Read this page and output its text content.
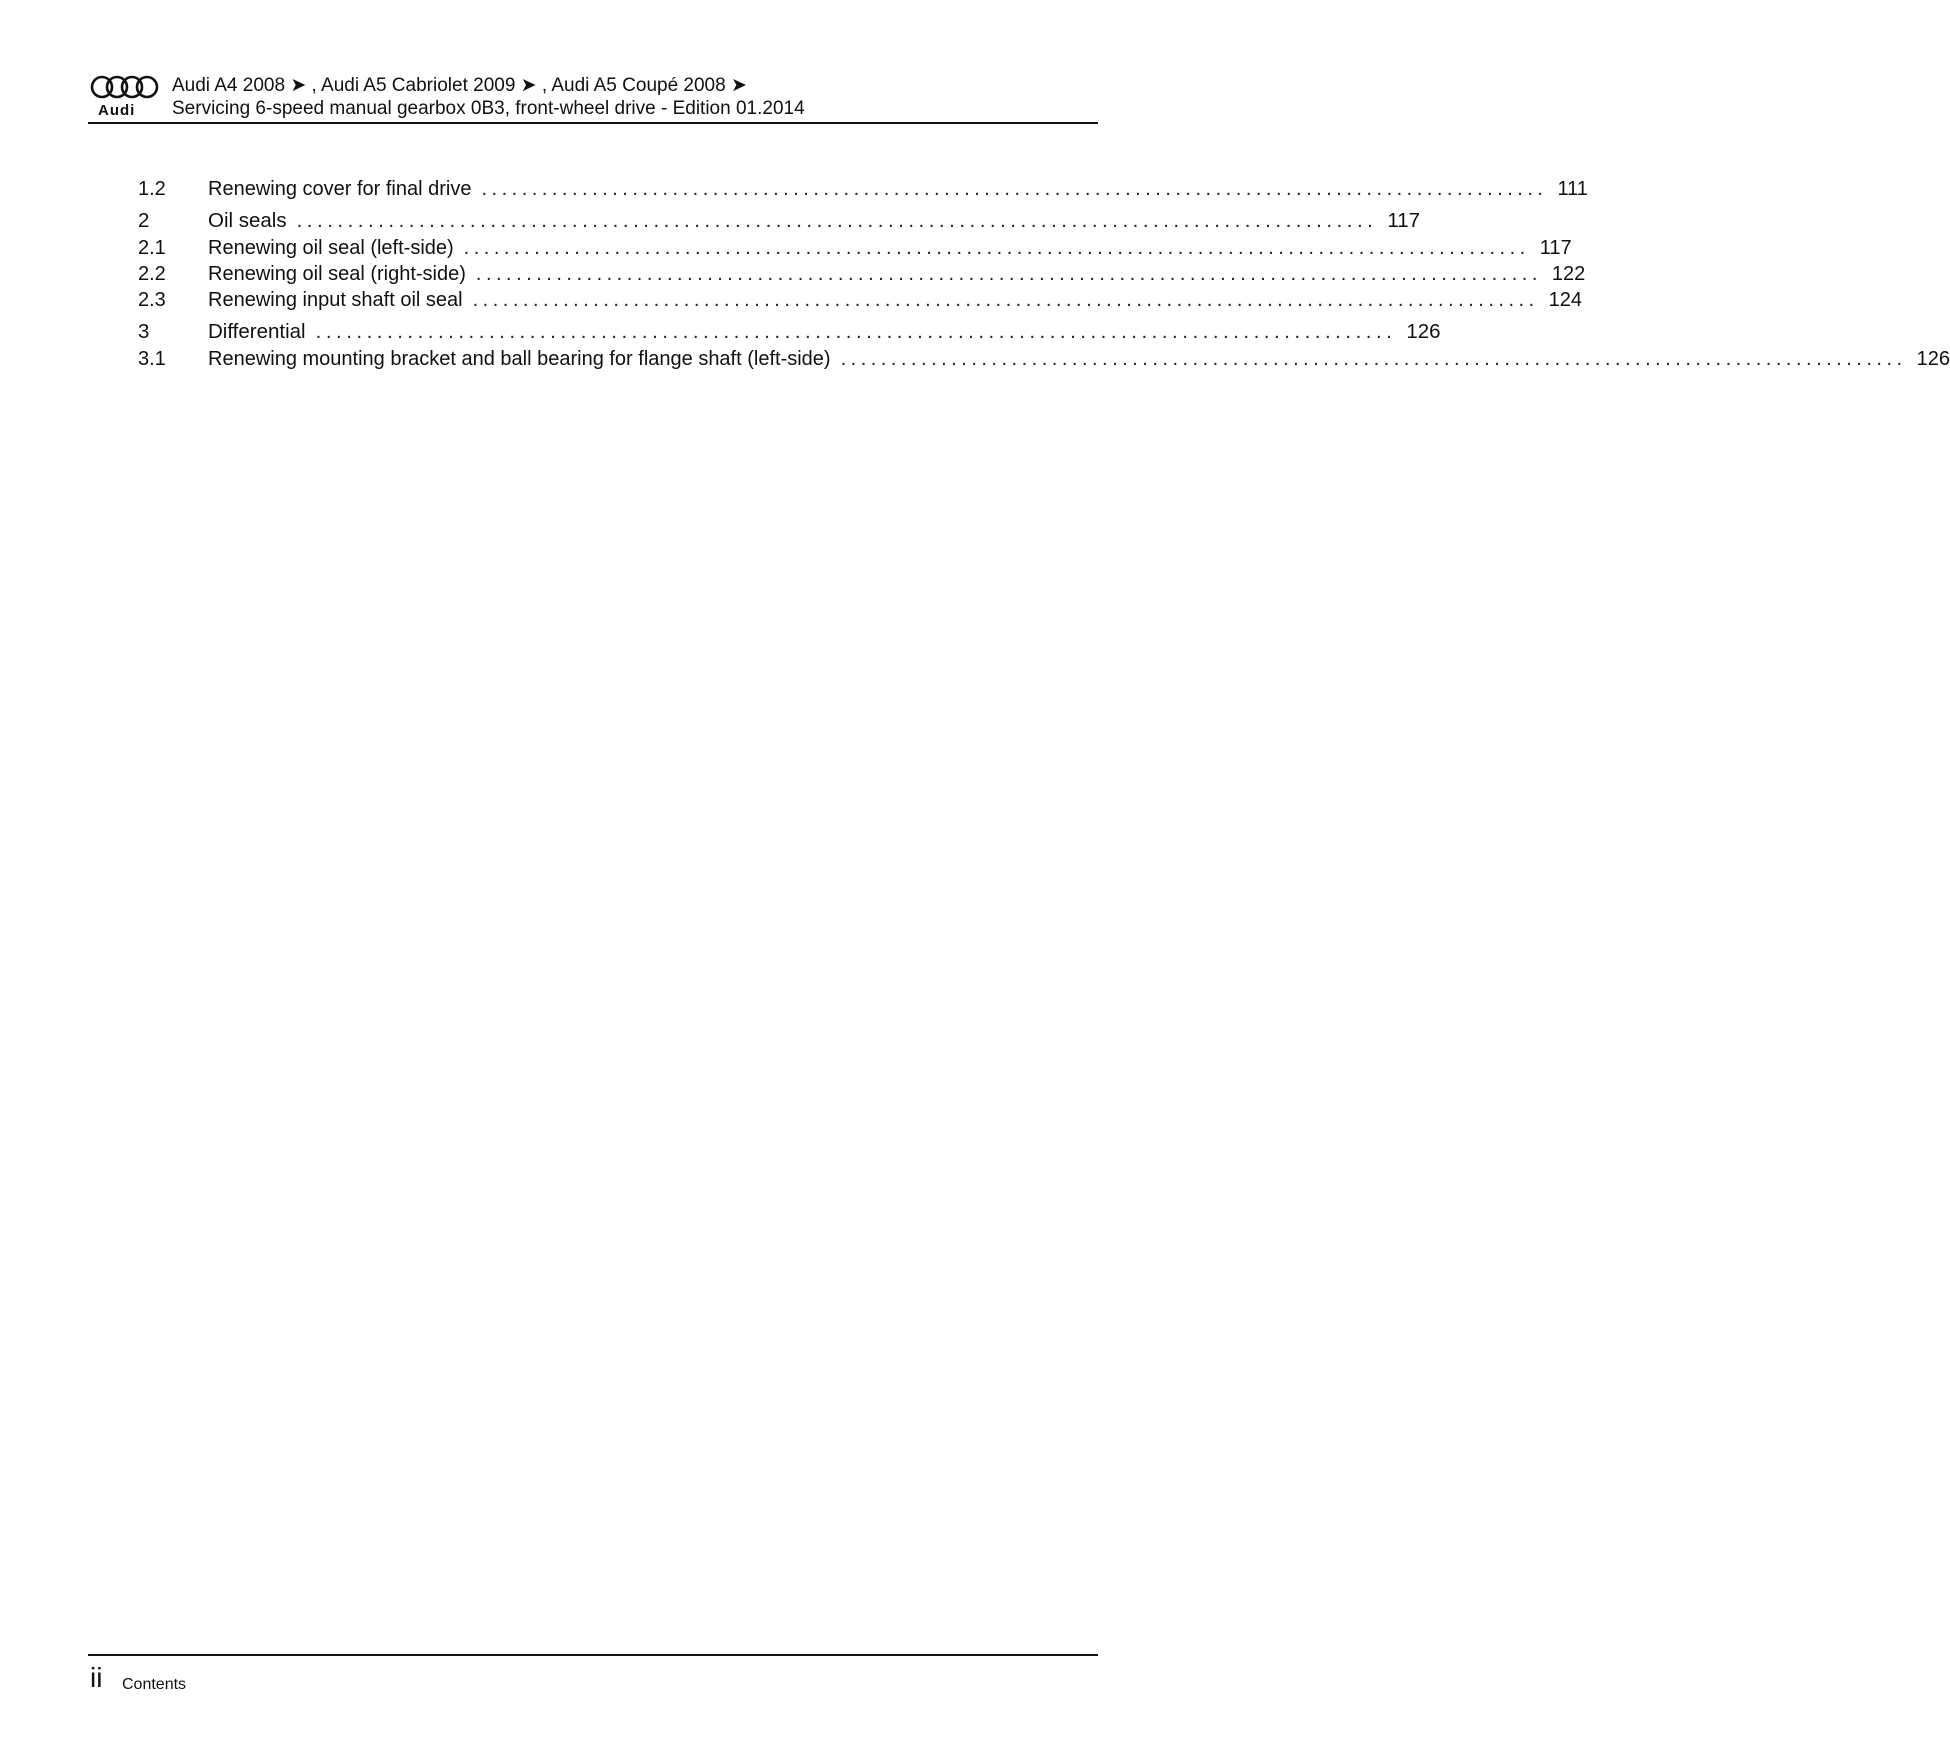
Audi
Audi A4 2008 ➤ , Audi A5 Cabriolet 2009 ➤ , Audi A5 Coupé 2008 ➤
Servicing 6-speed manual gearbox 0B3, front-wheel drive - Edition 01.2014
1.2	Renewing cover for final drive .......................................................................................................... 111
2	Oil seals .......................................................................................................... 117
2.1	Renewing oil seal (left-side) .......................................................................................................... 117
2.2	Renewing oil seal (right-side) .......................................................................................................... 122
2.3	Renewing input shaft oil seal .......................................................................................................... 124
3	Differential .......................................................................................................... 126
3.1	Renewing mounting bracket and ball bearing for flange shaft (left-side) .......................................................................................................... 126
ii Contents
